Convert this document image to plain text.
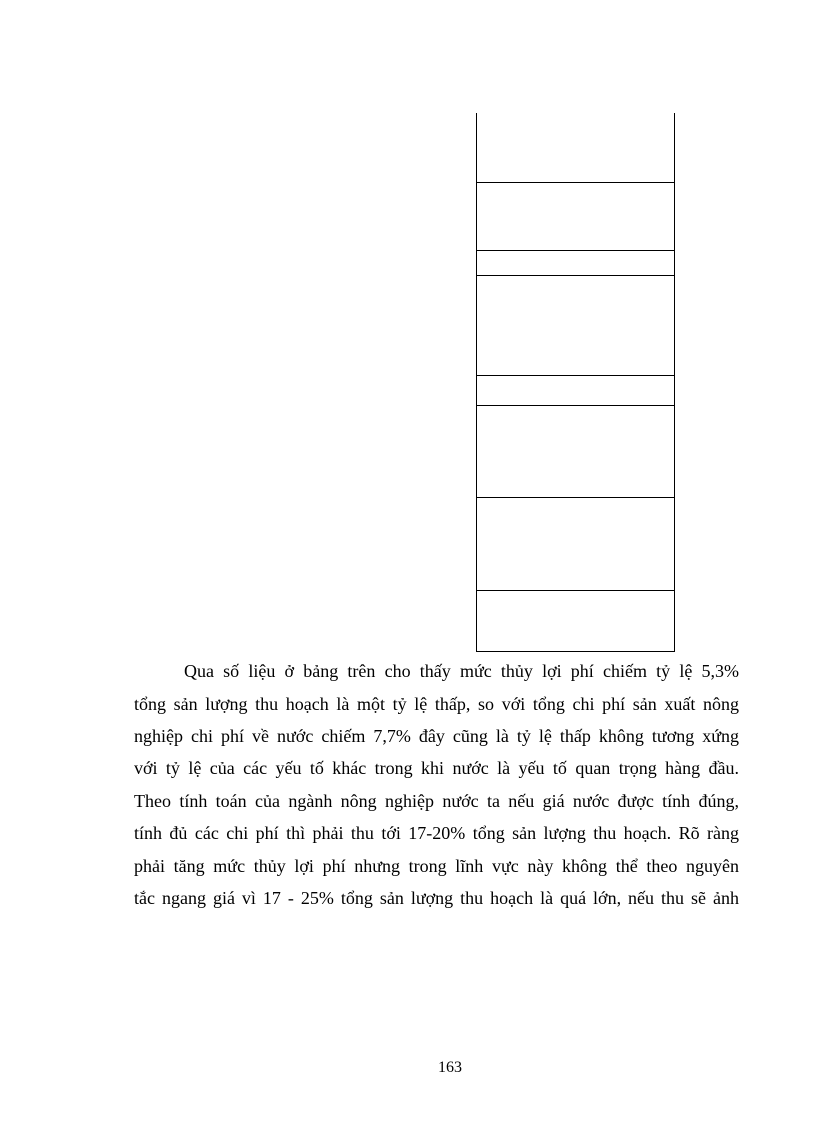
Qua số liệu ở bảng trên cho thấy mức thủy lợi phí chiếm tỷ lệ 5,3%
tổng sản lượng thu hoạch là một tỷ lệ thấp, so với tổng chi phí sản xuất nông
nghiệp chi phí về nước chiếm 7,7% đây cũng là tỷ lệ thấp không tương xứng
với tỷ lệ của các yếu tố khác trong khi nước là yếu tố quan trọng hàng đầu.
Theo tính toán của ngành nông nghiệp nước ta nếu giá nước được tính đúng,
tính đủ các chi phí thì phải thu tới 17-20% tổng sản lượng thu hoạch. Rõ ràng
phải tăng mức thủy lợi phí nhưng trong lĩnh vực này không thể theo nguyên
tắc ngang giá vì 17 - 25% tổng sản lượng thu hoạch là quá lớn, nếu thu sẽ ảnh
163
